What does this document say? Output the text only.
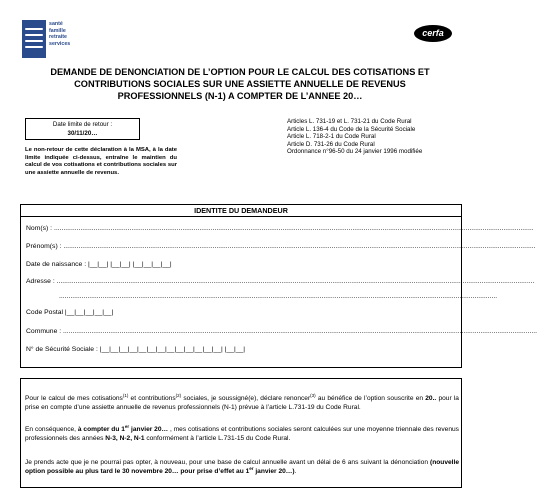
santé
famille
retraite
services
cerfa
DEMANDE DE DENONCIATION DE L’OPTION POUR LE CALCUL DES COTISATIONS ET
CONTRIBUTIONS SOCIALES SUR UNE ASSIETTE ANNUELLE DE REVENUS
PROFESSIONNELS (N-1) A COMPTER DE L’ANNEE 20…
Date limite de retour :
30/11/20…
Le non-retour de cette déclaration à la MSA, à la date limite indiquée ci-dessus, entraîne le maintien du calcul de vos cotisations et contributions sociales sur une assiette annuelle de revenus.
Articles L. 731-19 et L. 731-21 du Code Rural
Article L. 136-4 du Code de la Sécurité Sociale
Article L. 718-2-1 du Code Rural
Article D. 731-26 du Code Rural
Ordonnance n°96-50 du 24 janvier 1996 modifiée
IDENTITE DU DEMANDEUR
Nom(s) : ..............................................................................................................................................................................................................................................................
Prénom(s) : ..........................................................................................................................................................................................................................................................
Date de naissance : |__|__| |__|__| |__|__|__|__|
Adresse : .............................................................................................................................................................................................................................................................
........................................................................................................................................................................................................................................
Code Postal |__|__|__|__|__|
Commune : ...........................................................................................................................................................................................................................................................
N° de Sécurité Sociale : |__|__|__|__|__|__|__|__|__|__|__|__|__| |__|__|
Pour le calcul de mes cotisations$^{(1)}$ et contributions$^{(2)}$ sociales, je soussigné(e), déclare renoncer$^{(3)}$ au bénéfice de l’option souscrite en 20.. pour la prise en compte d’une assiette annuelle de revenus professionnels (N-1) prévue à l’article L.731-19 du Code Rural.
En conséquence, à compter du 1er janvier 20… , mes cotisations et contributions sociales seront calculées sur une moyenne triennale des revenus professionnels des années N-3, N-2, N-1 conformément à l’article L.731-15 du Code Rural.
Je prends acte que je ne pourrai pas opter, à nouveau, pour une base de calcul annuelle avant un délai de 6 ans suivant la dénonciation (nouvelle option possible au plus tard le 30 novembre 20… pour prise d’effet au 1er janvier 20…).
